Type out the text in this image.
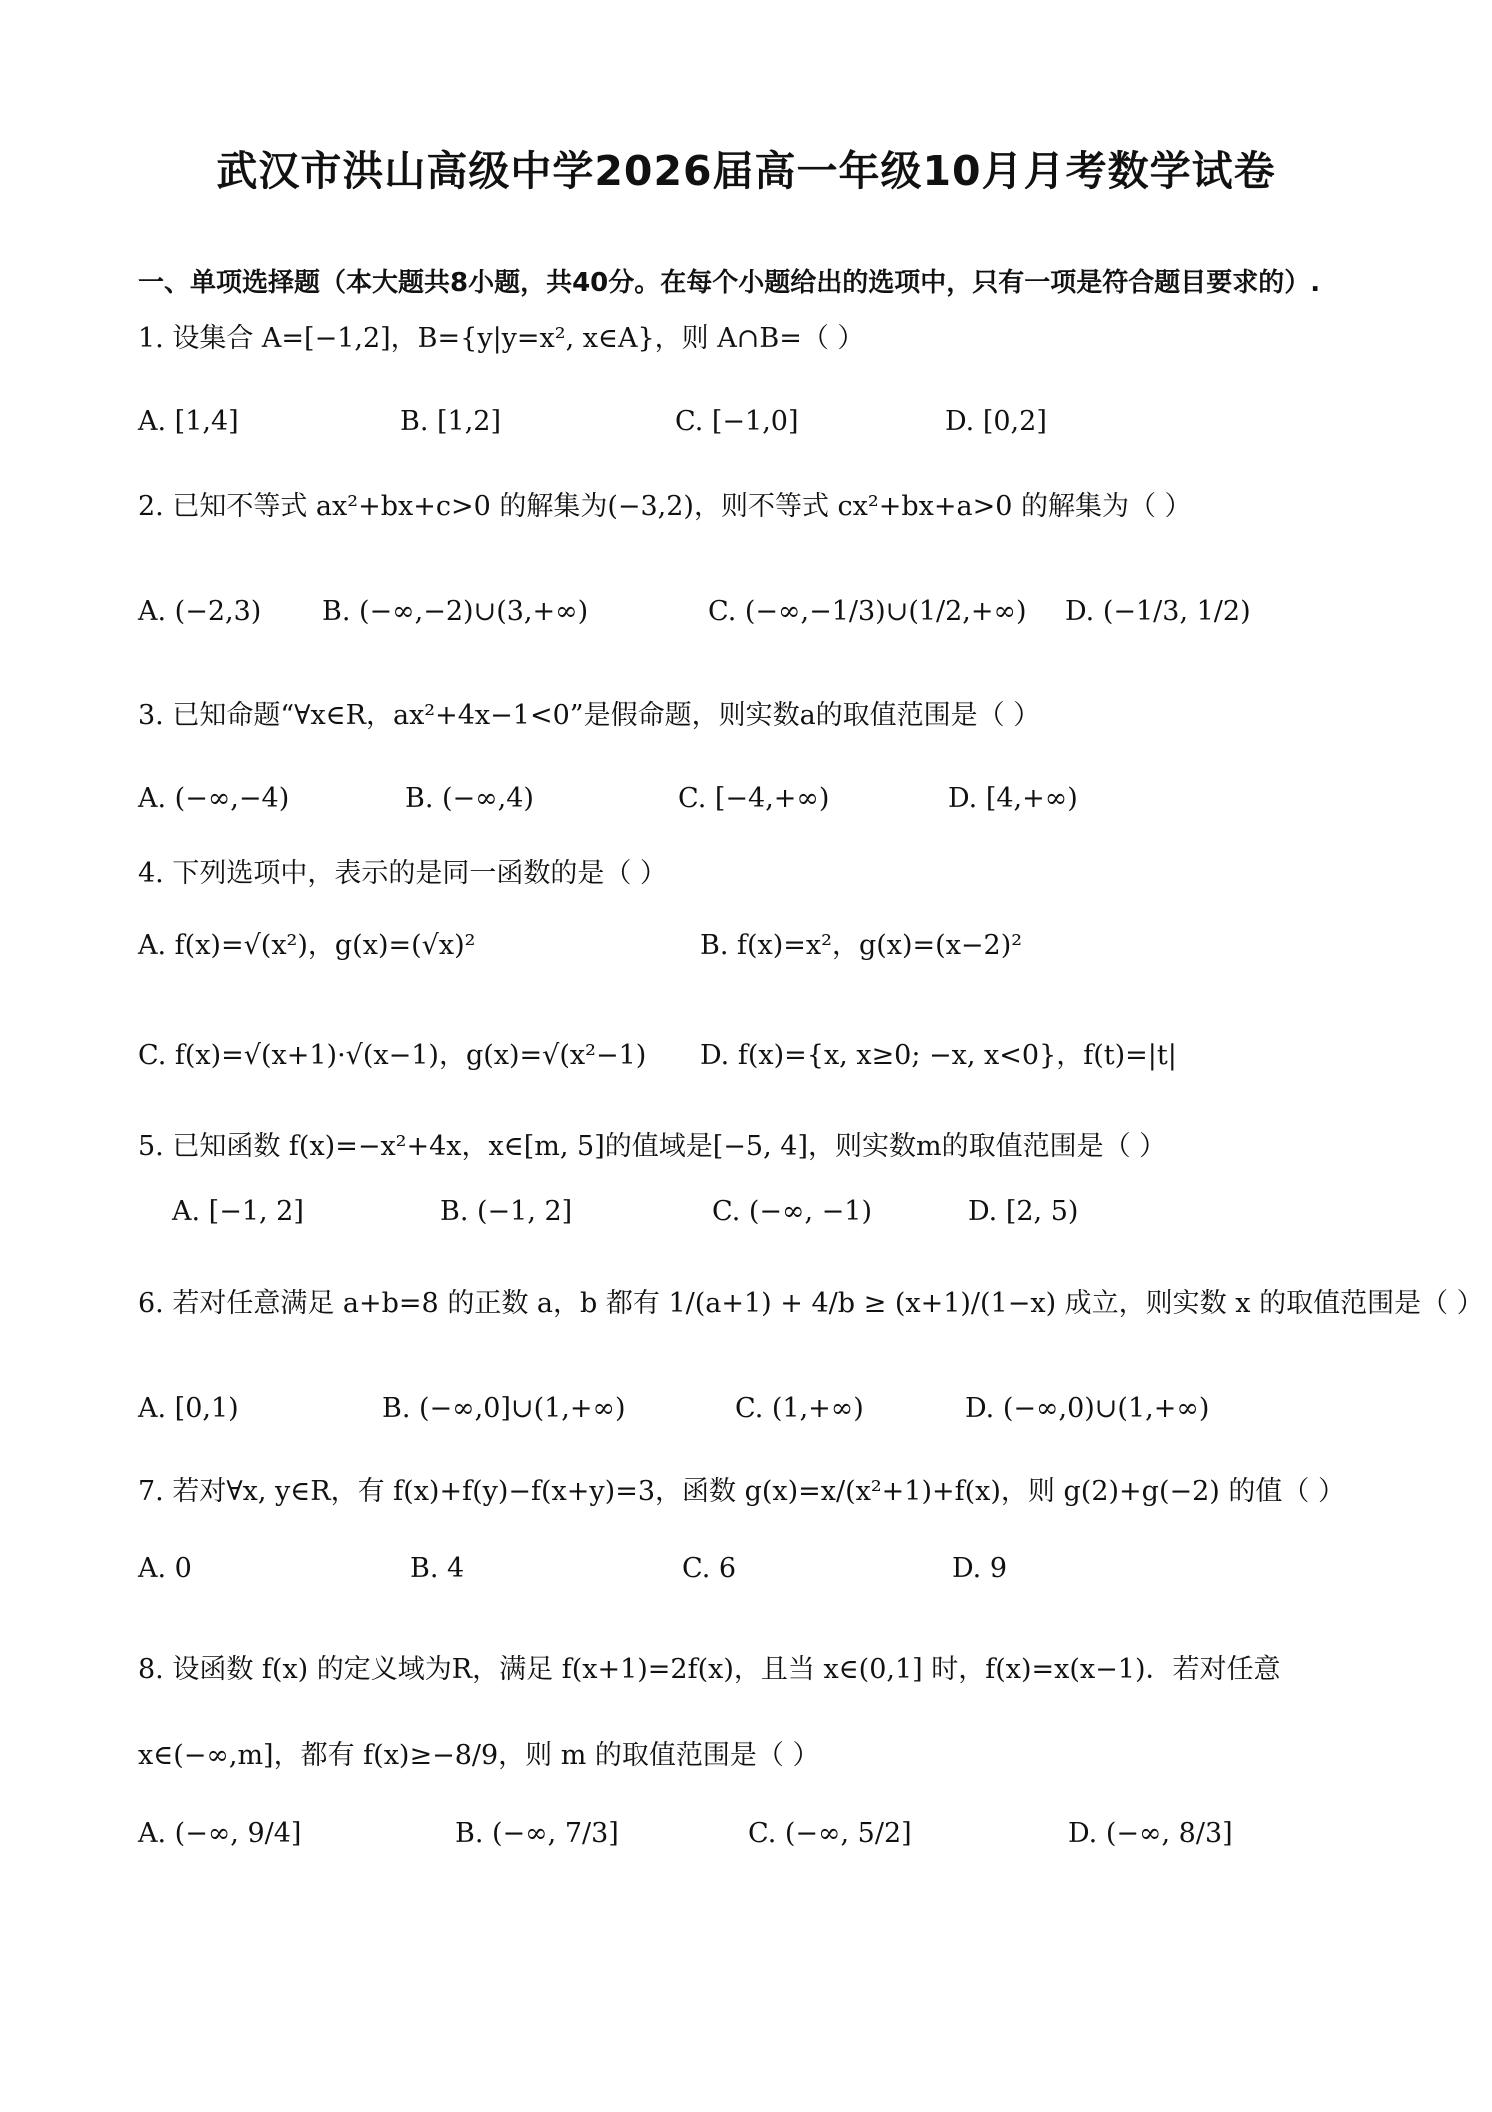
武汉市洪山高级中学2026届高一年级10月月考数学试卷
一、单项选择题（本大题共8小题，共40分。在每个小题给出的选项中，只有一项是符合题目要求的）.
1. 设集合 A=[−1,2]，B={y|y=x², x∈A}，则 A∩B=（ ）
A. [1,4]	B. [1,2]	C. [−1,0]	D. [0,2]
2. 已知不等式 ax²+bx+c>0 的解集为(−3,2)，则不等式 cx²+bx+a>0 的解集为（ ）
A. (−2,3) B. (−∞,−2)∪(3,+∞)	C. (−∞,−1/3)∪(1/2,+∞) D. (−1/3, 1/2)
3. 已知命题“∀x∈R，ax²+4x−1<0”是假命题，则实数a的取值范围是（ ）
A. (−∞,−4)	B. (−∞,4)	C. [−4,+∞)	D. [4,+∞)
4. 下列选项中，表示的是同一函数的是（ ）
A. f(x)=√(x²)，g(x)=(√x)²	B. f(x)=x²，g(x)=(x−2)²
C. f(x)=√(x+1)·√(x−1)，g(x)=√(x²−1) D. f(x)={x, x≥0; −x, x<0}，f(t)=|t|
5. 已知函数 f(x)=−x²+4x，x∈[m, 5]的值域是[−5, 4]，则实数m的取值范围是（ ）
A. [−1, 2]	B. (−1, 2]	C. (−∞, −1)	D. [2, 5)
6. 若对任意满足 a+b=8 的正数 a，b 都有 1/(a+1) + 4/b ≥ (x+1)/(1−x) 成立，则实数 x 的取值范围是（ ）
A. [0,1)	B. (−∞,0]∪(1,+∞)	C. (1,+∞)	D. (−∞,0)∪(1,+∞)
7. 若对∀x, y∈R，有 f(x)+f(y)−f(x+y)=3，函数 g(x)=x/(x²+1)+f(x)，则 g(2)+g(−2) 的值（ ）
A. 0	B. 4	C. 6	D. 9
8. 设函数 f(x) 的定义域为R，满足 f(x+1)=2f(x)，且当 x∈(0,1] 时，f(x)=x(x−1)．若对任意 x∈(−∞,m]，都有 f(x)≥−8/9，则 m 的取值范围是（ ）
A. (−∞, 9/4]	B. (−∞, 7/3]	C. (−∞, 5/2]	D. (−∞, 8/3]
